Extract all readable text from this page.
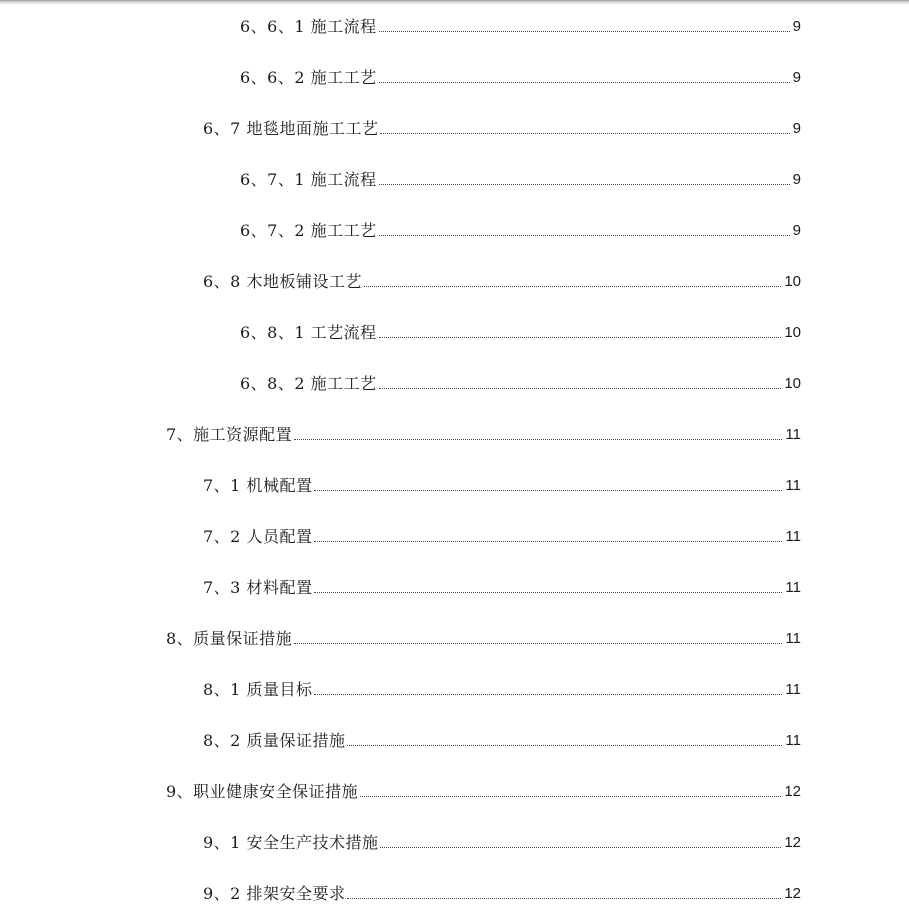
6、6、1 施工流程	9
6、6、2 施工工艺	9
6、7 地毯地面施工工艺	9
6、7、1 施工流程	9
6、7、2 施工工艺	9
6、8 木地板铺设工艺	10
6、8、1 工艺流程	10
6、8、2 施工工艺	10
7、施工资源配置	11
7、1 机械配置	11
7、2 人员配置	11
7、3 材料配置	11
8、质量保证措施	11
8、1 质量目标	11
8、2 质量保证措施	11
9、职业健康安全保证措施	12
9、1 安全生产技术措施	12
9、2 排架安全要求	12
